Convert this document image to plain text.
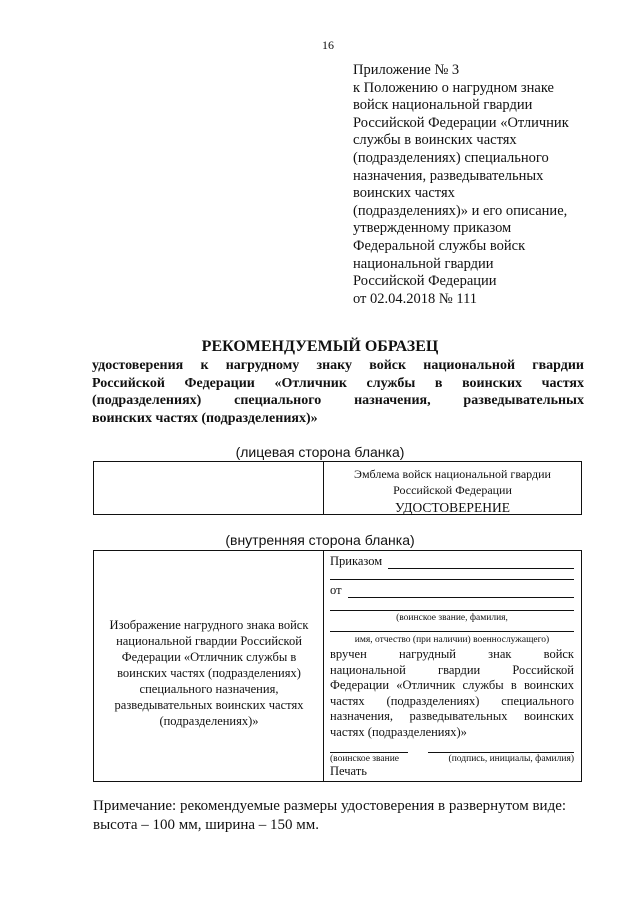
16
Приложение № 3
к Положению о нагрудном знаке
войск национальной гвардии
Российской Федерации «Отличник
службы в воинских частях
(подразделениях) специального
назначения, разведывательных
воинских частях
(подразделениях)» и его описание,
утвержденному приказом
Федеральной службы войск
национальной гвардии
Российской Федерации
от 02.04.2018 № 111
РЕКОМЕНДУЕМЫЙ ОБРАЗЕЦ
удостоверения к нагрудному знаку войск национальной гвардии
Российской Федерации «Отличник службы в воинских частях
(подразделениях) специального назначения, разведывательных
воинских частях (подразделениях)»
(лицевая сторона бланка)
Эмблема войск национальной гвардии
Российской Федерации
УДОСТОВЕРЕНИЕ
(внутренняя сторона бланка)
Изображение нагрудного знака войск
национальной гвардии Российской
Федерации «Отличник службы в
воинских частях (подразделениях)
специального назначения,
разведывательных воинских частях
(подразделениях)»
Приказом
от
(воинское звание, фамилия,
имя, отчество (при наличии) военнослужащего)
вручен нагрудный знак войск
национальной гвардии Российской
Федерации «Отличник службы в воинских
частях (подразделениях) специального
назначения, разведывательных воинских
частях (подразделениях)»
(воинское звание	(подпись, инициалы, фамилия)
Печать
Примечание: рекомендуемые размеры удостоверения в развернутом виде:
высота – 100 мм, ширина – 150 мм.
